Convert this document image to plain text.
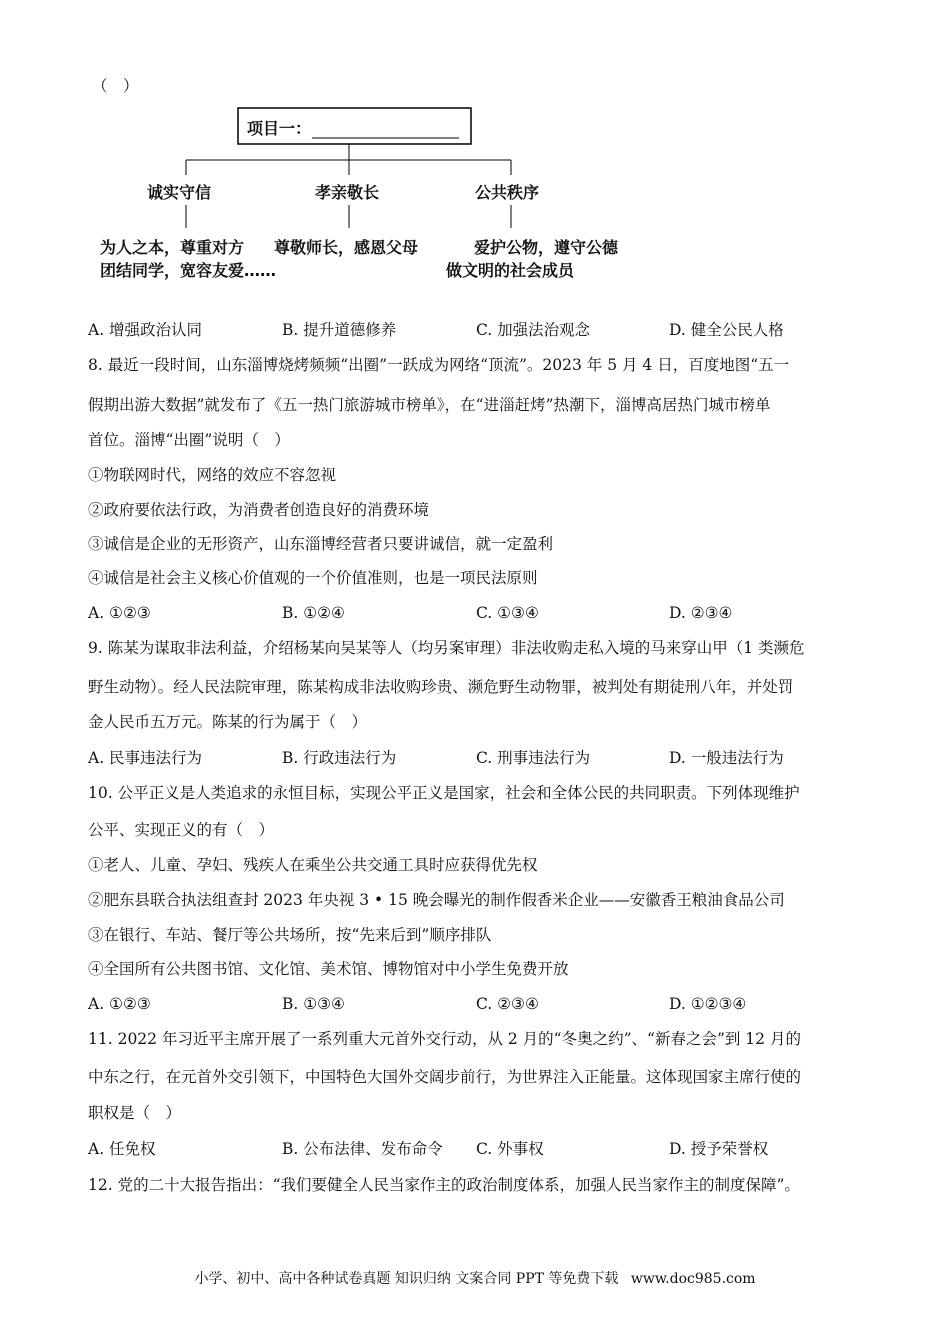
（　）
项目一：
诚实守信	孝亲敬长	公共秩序
为人之本，尊重对方 尊敬师长，感恩父母	爱护公物，遵守公德
团结同学，宽容友爱……	做文明的社会成员
A. 增强政治认同	B. 提升道德修养	C. 加强法治观念	D. 健全公民人格
8. 最近一段时间，山东淄博烧烤频频“出圈”一跃成为网络“顶流”。2023 年 5 月 4 日，百度地图“五一
假期出游大数据”就发布了《五一热门旅游城市榜单》，在“进淄赶烤”热潮下，淄博高居热门城市榜单
首位。淄博“出圈”说明（　）
①物联网时代，网络的效应不容忽视
②政府要依法行政，为消费者创造良好的消费环境
③诚信是企业的无形资产，山东淄博经营者只要讲诚信，就一定盈利
④诚信是社会主义核心价值观的一个价值准则，也是一项民法原则
A. ①②③	B. ①②④	C. ①③④	D. ②③④
9. 陈某为谋取非法利益，介绍杨某向吴某等人（均另案审理）非法收购走私入境的马来穿山甲（1 类濒危
野生动物）。经人民法院审理，陈某构成非法收购珍贵、濒危野生动物罪，被判处有期徒刑八年，并处罚
金人民币五万元。陈某的行为属于（　）
A. 民事违法行为	B. 行政违法行为	C. 刑事违法行为	D. 一般违法行为
10. 公平正义是人类追求的永恒目标，实现公平正义是国家，社会和全体公民的共同职责。下列体现维护
公平、实现正义的有（　）
①老人、儿童、孕妇、残疾人在乘坐公共交通工具时应获得优先权
②肥东县联合执法组查封 2023 年央视 3 • 15 晚会曝光的制作假香米企业——安徽香王粮油食品公司
③在银行、车站、餐厅等公共场所，按“先来后到”顺序排队
④全国所有公共图书馆、文化馆、美术馆、博物馆对中小学生免费开放
A. ①②③	B. ①③④	C. ②③④	D. ①②③④
11. 2022 年习近平主席开展了一系列重大元首外交行动，从 2 月的“冬奥之约”、“新春之会”到 12 月的
中东之行，在元首外交引领下，中国特色大国外交阔步前行，为世界注入正能量。这体现国家主席行使的
职权是（　）
A. 任免权	B. 公布法律、发布命令 C. 外事权	D. 授予荣誉权
12. 党的二十大报告指出：“我们要健全人民当家作主的政治制度体系，加强人民当家作主的制度保障”。
小学、初中、高中各种试卷真题 知识归纳 文案合同 PPT 等免费下载 www.doc985.com
